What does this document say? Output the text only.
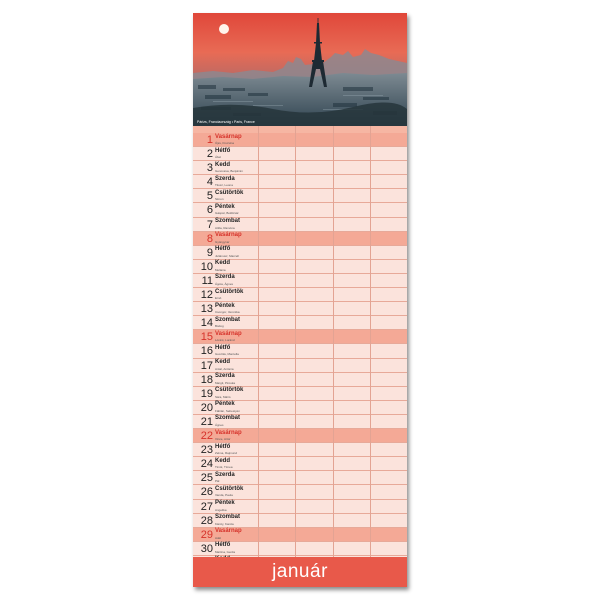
Párizs, Franciaország • Paris, France
1 Vasárnap
Újév, Fruzsina
2 Hétfő
Ábel
3 Kedd
Genovéva, Benjámin
4 Szerda
Titusz, Leona
5 Csütörtök
Simon
6 Péntek
Gáspár, Boldizsár
7 Szombat
Attila, Ramóna
8 Vasárnap
Gyöngyvér
9 Hétfő
Juliánusz, Marcell
10 Kedd
Melánia
11 Szerda
Ágota, Ágnes
12 Csütörtök
Ernő
13 Péntek
Csongor, Veronika
14 Szombat
Bódog
15 Vasárnap
Lóránt, Loránd
16 Hétfő
Gusztáv, Marcella
17 Kedd
Antal, Antónia
18 Szerda
Margit, Piroska
19 Csütörtök
Sára, Márió
20 Péntek
Fábián, Sebestyén
21 Szombat
Ágnes
22 Vasárnap
Vince, Artúr
23 Hétfő
Zelma, Rajmund
24 Kedd
Timót, Tímea
25 Szerda
Pál
26 Csütörtök
Vanda, Paula
27 Péntek
Angelika
28 Szombat
Károly, Karola
29 Vasárnap
Adél
30 Hétfő
Martina, Gerda
január
